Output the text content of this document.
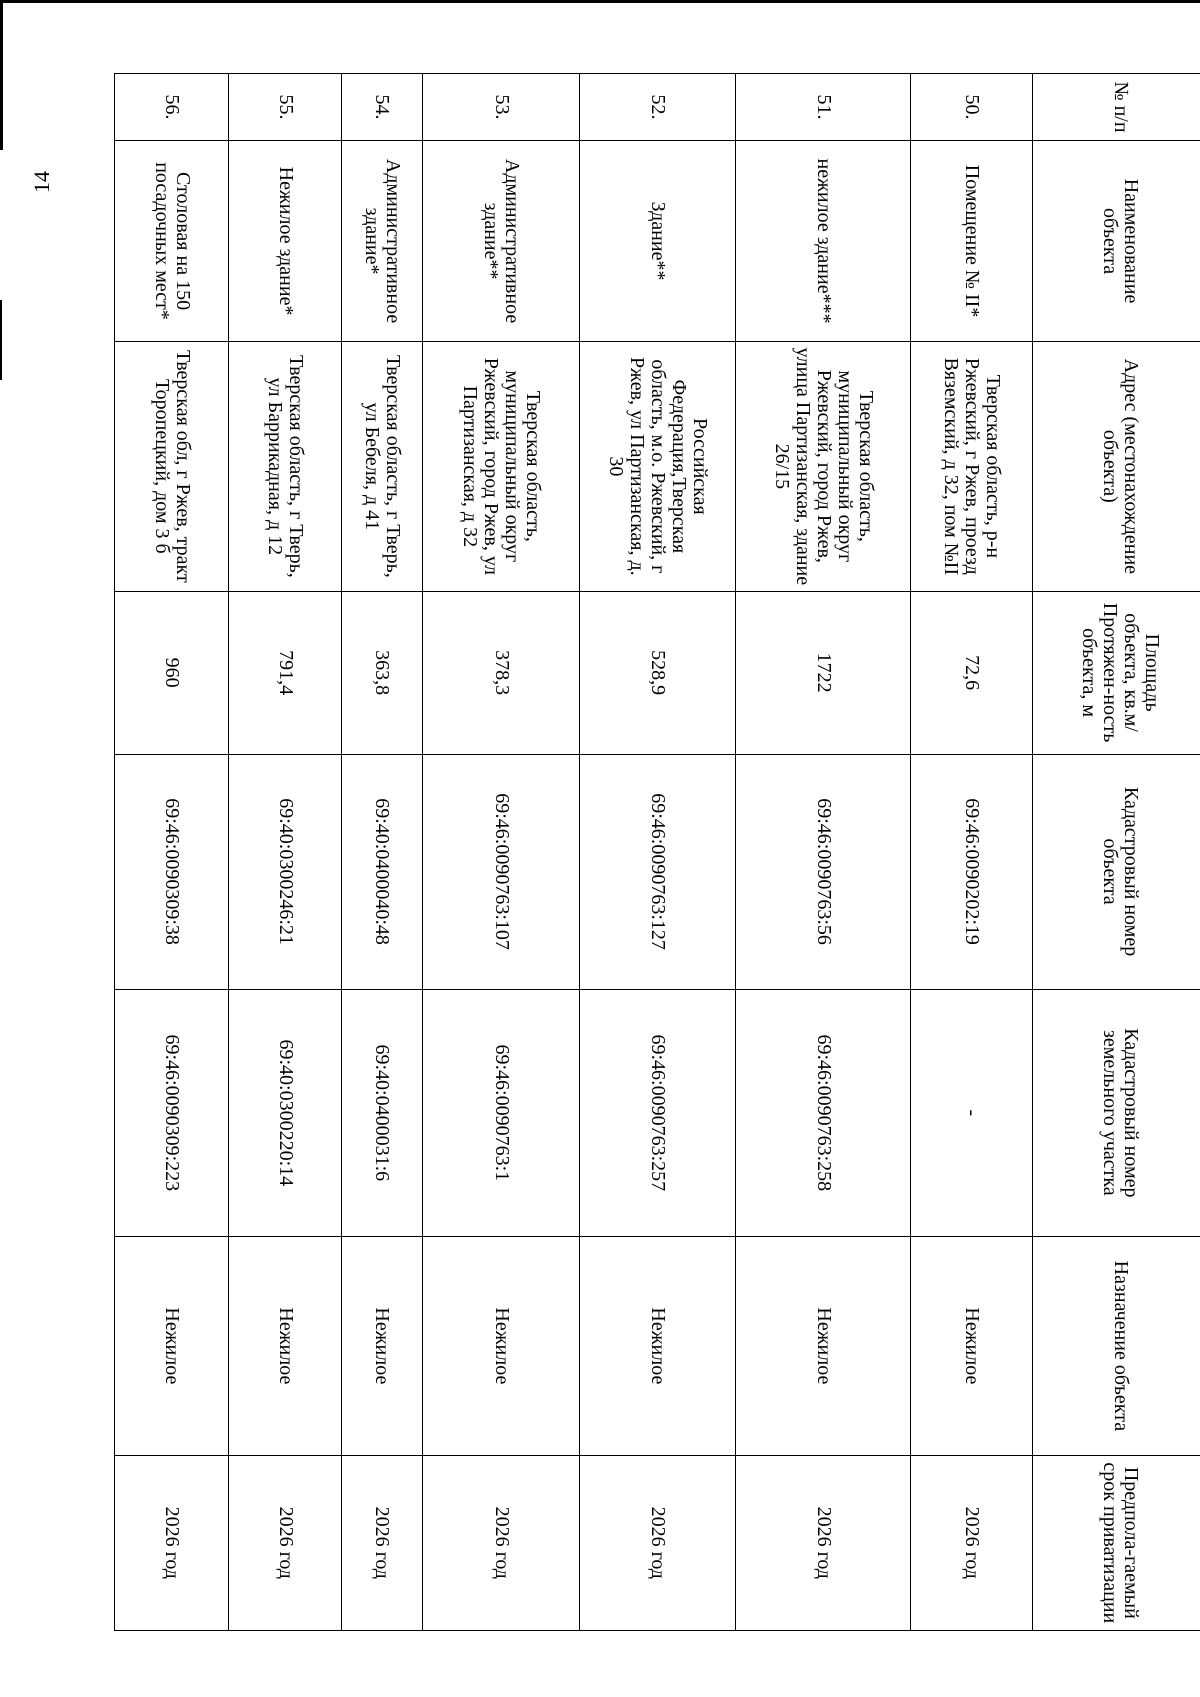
14
№ п/п	Наименование объекта	Адрес (местонахождение объекта)	Площадь объекта, кв.м/ Протяжен-ность объекта, м	Кадастровый номер объекта	Кадастровый номер земельного участка	Назначение объекта	Предпола-гаемый срок приватизации
50.	Помещение № II*	Тверская область, р-н Ржевский, г Ржев, проезд Вяземский, д 32, пом №II	72,6	69:46:0090202:19	-	Нежилое	2026 год
51.	нежилое здание***	Тверская область, муниципальный округ Ржевский, город Ржев, улица Партизанская, здание 26/15	1722	69:46:0090763:56	69:46:0090763:258	Нежилое	2026 год
52.	Здание**	Российская Федерация,Тверская область, м.о. Ржевский, г Ржев, ул Партизанская, д. 30	528,9	69:46:0090763:127	69:46:0090763:257	Нежилое	2026 год
53.	Административное здание**	Тверская область, муниципальный округ Ржевский, город Ржев, ул Партизанская, д 32	378,3	69:46:0090763:107	69:46:0090763:1	Нежилое	2026 год
54.	Административное здание*	Тверская область, г Тверь, ул Бебеля, д 41	363,8	69:40:0400040:48	69:40:0400031:6	Нежилое	2026 год
55.	Нежилое здание*	Тверская область, г Тверь, ул Баррикадная, д 12	791,4	69:40:0300246:21	69:40:0300220:14	Нежилое	2026 год
56.	Столовая на 150 посадочных мест*	Тверская обл, г Ржев, тракт Торопецкий, дом 3 б	960	69:46:0090309:38	69:46:0090309:223	Нежилое	2026 год
